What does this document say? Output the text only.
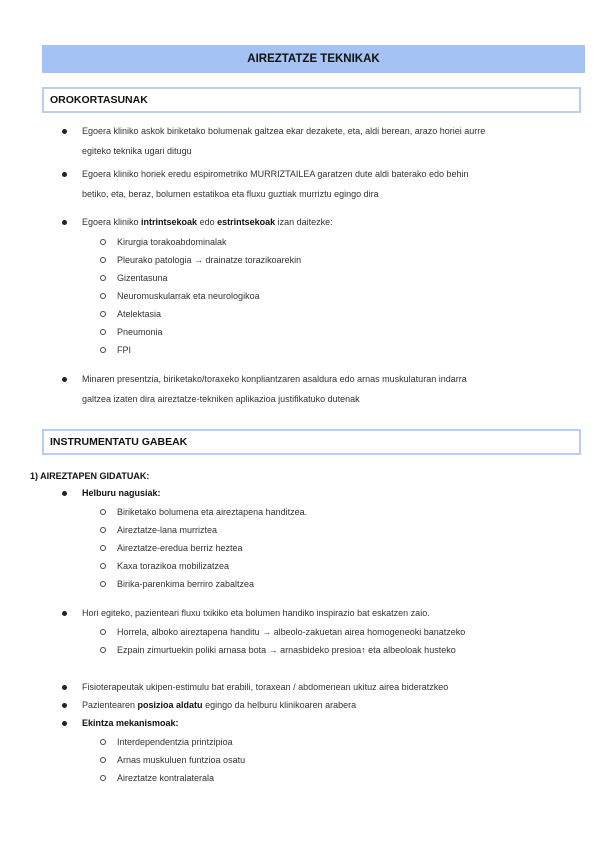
AIREZTATZE TEKNIKAK
OROKORTASUNAK
Egoera kliniko askok biriketako bolumenak galtzea ekar dezakete, eta, aldi berean, arazo horiei aurre
egiteko teknika ugari ditugu
Egoera kliniko horiek eredu espirometriko MURRIZTAILEA garatzen dute aldi baterako edo behin
betiko, eta, beraz, bolumen estatikoa eta fluxu guztiak murriztu egingo dira
Egoera kliniko intrintsekoak edo estrintsekoak izan daitezke:
Kirurgia torakoabdominalak
Pleurako patologia → drainatze torazikoarekin
Gizentasuna
Neuromuskularrak eta neurologikoa
Atelektasia
Pneumonia
FPI
Minaren presentzia, biriketako/toraxeko konpliantzaren asaldura edo arnas muskulaturan indarra
galtzea izaten dira aireztatze-tekniken aplikazioa justifikatuko dutenak
INSTRUMENTATU GABEAK
1) AIREZTAPEN GIDATUAK:
Helburu nagusiak:
Biriketako bolumena eta aireztapena handitzea.
Aireztatze-lana murriztea
Aireztatze-eredua berriz heztea
Kaxa torazikoa mobilizatzea
Birika-parenkima berriro zabaltzea
Hori egiteko, pazienteari fluxu txikiko eta bolumen handiko inspirazio bat eskatzen zaio.
Horrela, alboko aireztapena handitu → albeolo-zakuetan airea homogeneoki banatzeko
Ezpain zimurtuekin poliki arnasa bota → arnasbideko presioa↑ eta albeoloak husteko
Fisioterapeutak ukipen-estimulu bat erabili, toraxean / abdomenean ukituz airea bideratzkeo
Pazientearen posizioa aldatu egingo da helburu klinikoaren arabera
Ekintza mekanismoak:
Interdependentzia printzipioa
Arnas muskuluen funtzioa osatu
Aireztatze kontralaterala
